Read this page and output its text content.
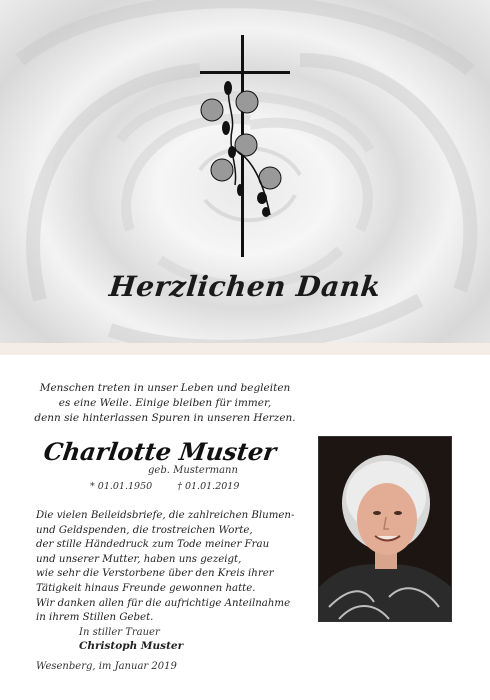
Herzlichen Dank
Menschen treten in unser Leben und begleiten
es eine Weile. Einige bleiben für immer,
denn sie hinterlassen Spuren in unseren Herzen.
Charlotte Muster
geb. Mustermann
* 01.01.1950	† 01.01.2019
Die vielen Beileidsbriefe, die zahlreichen Blumen-
und Geldspenden, die trostreichen Worte,
der stille Händedruck zum Tode meiner Frau
und unserer Mutter, haben uns gezeigt,
wie sehr die Verstorbene über den Kreis ihrer
Tätigkeit hinaus Freunde gewonnen hatte.
Wir danken allen für die aufrichtige Anteilnahme
in ihrem Stillen Gebet.
In stiller Trauer
Christoph Muster
Wesenberg, im Januar 2019
